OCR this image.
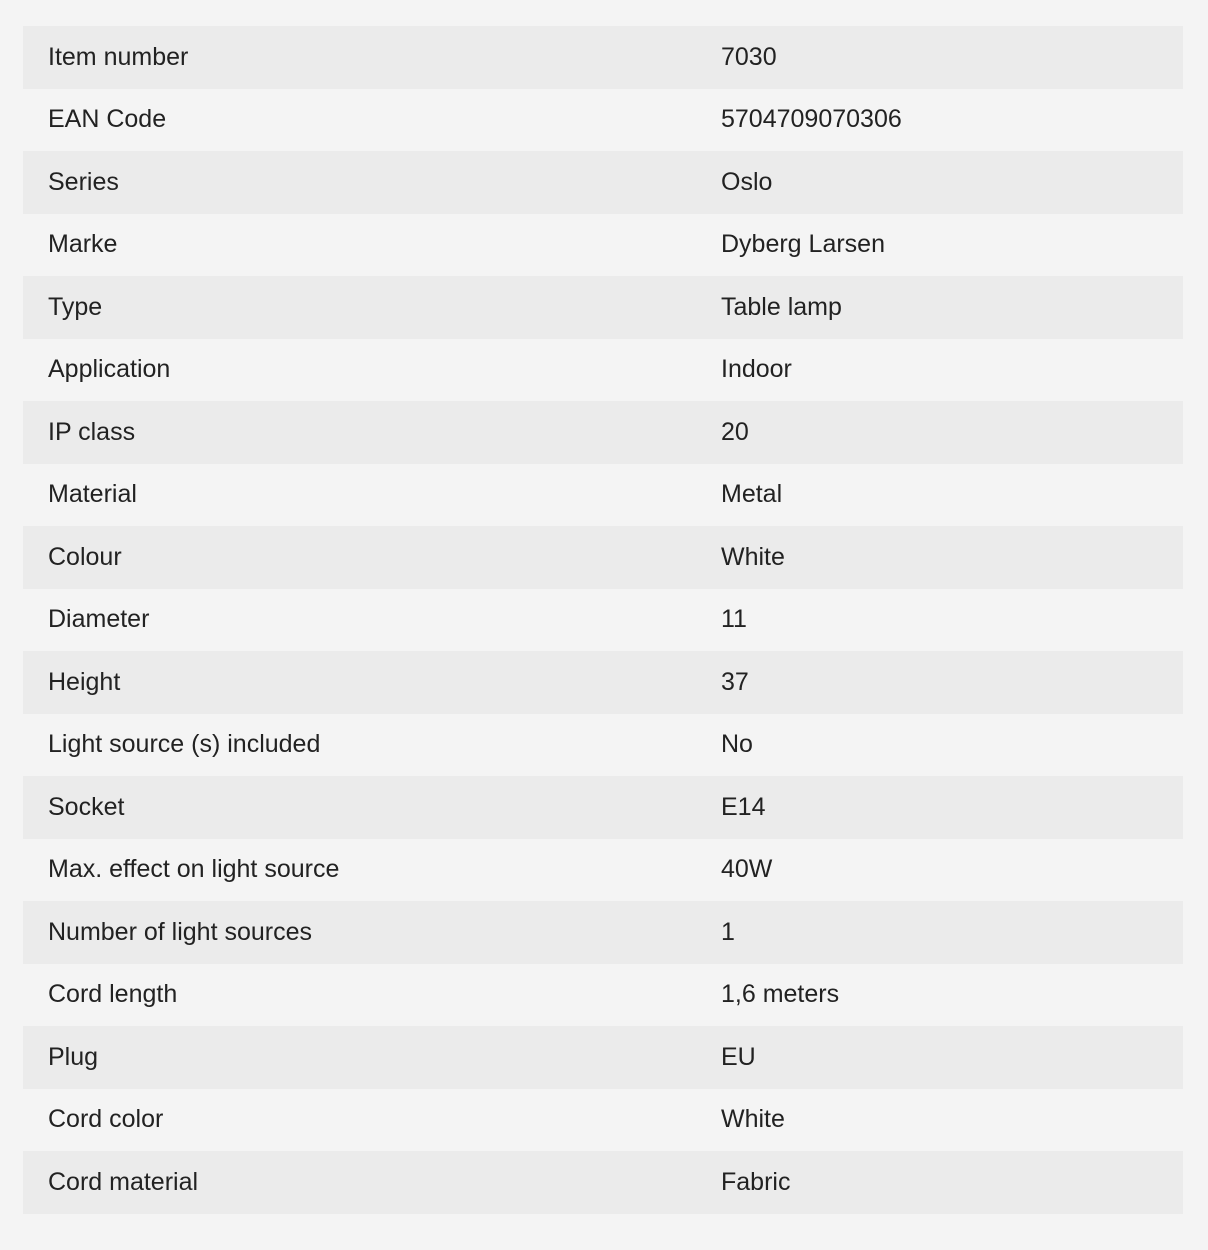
Item number	7030
EAN Code	5704709070306
Series	Oslo
Marke	Dyberg Larsen
Type	Table lamp
Application	Indoor
IP class	20
Material	Metal
Colour	White
Diameter	11
Height	37
Light source (s) included	No
Socket	E14
Max. effect on light source	40W
Number of light sources	1
Cord length	1,6 meters
Plug	EU
Cord color	White
Cord material	Fabric
